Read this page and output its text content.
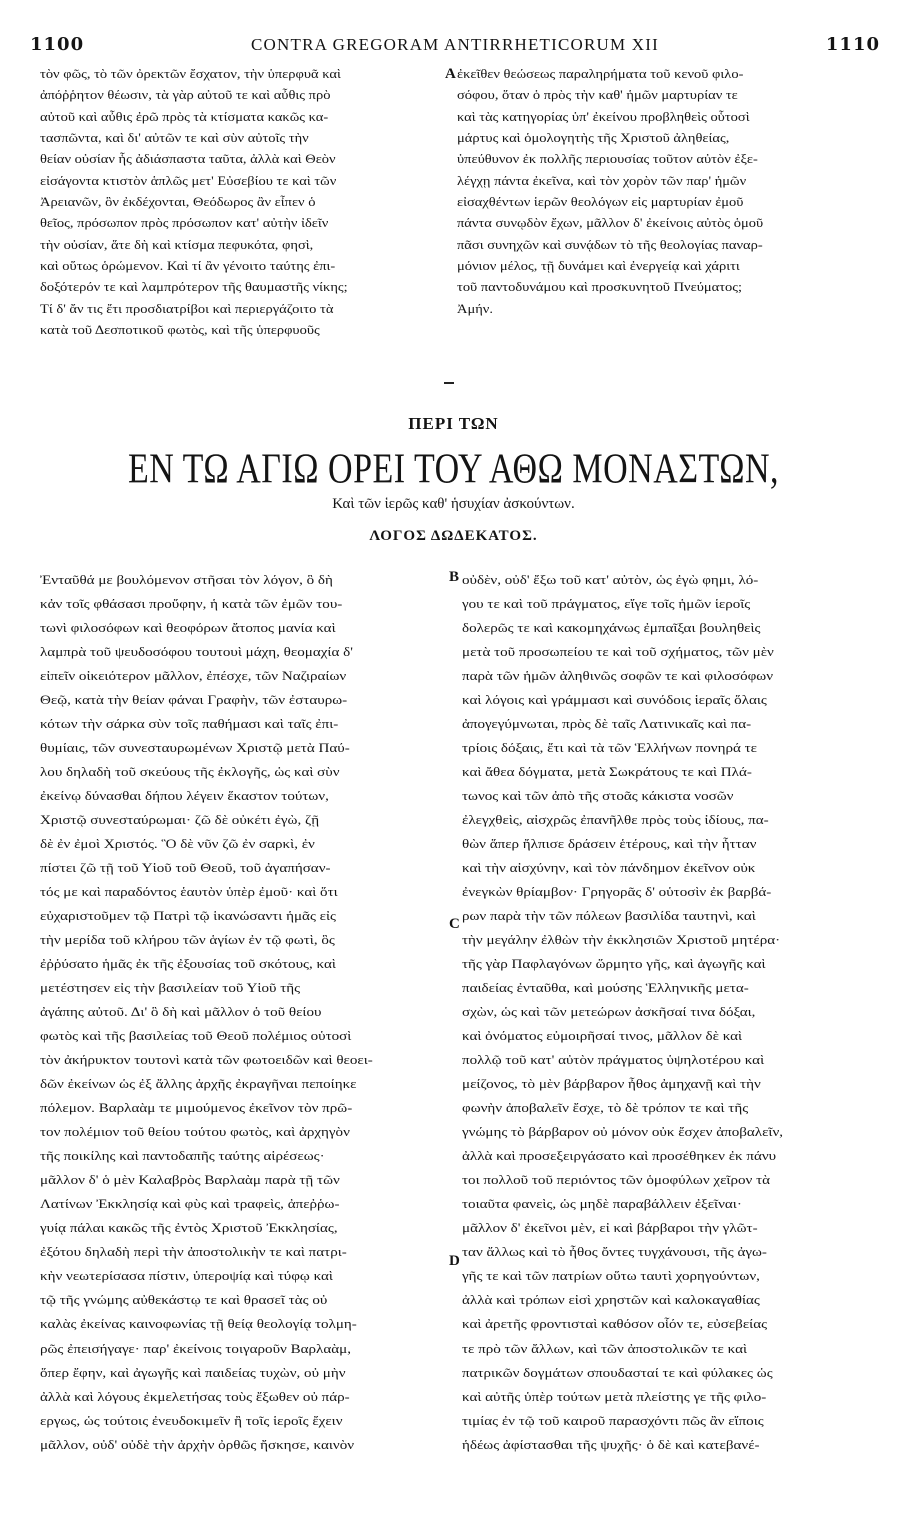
1100	CONTRA GREGORAM ANTIRRHETICORUM XII	1110
τὸν φῶς, τὸ τῶν ὀρεκτῶν ἔσχατον, τὴν ὑπερφυᾶ καὶ
ἀπόῤῥητον θέωσιν, τὰ γὰρ αὐτοῦ τε καὶ αὖθις πρὸ
αὐτοῦ καὶ αὖθις ἐρῶ πρὸς τὰ κτίσματα κακῶς κα-
τασπῶντα, καὶ δι' αὐτῶν τε καὶ σὺν αὐτοῖς τὴν
θείαν οὐσίαν ἧς ἀδιάσπαστα ταῦτα, ἀλλὰ καὶ Θεὸν
εἰσάγοντα κτιστὸν ἁπλῶς μετ' Εὐσεβίου τε καὶ τῶν
Ἀρειανῶν, ὃν ἐκδέχονται, Θεόδωρος ἂν εἶπεν ὁ
θεῖος, πρόσωπον πρὸς πρόσωπον κατ' αὐτὴν ἰδεῖν
τὴν οὐσίαν, ἅτε δὴ καὶ κτίσμα πεφυκότα, φησὶ,
καὶ οὕτως ὁρώμενον. Καὶ τί ἂν γένοιτο ταύτης ἐπι-
δοξότερόν τε καὶ λαμπρότερον τῆς θαυμαστῆς νίκης;
Τί δ' ἄν τις ἔτι προσδιατρίβοι καὶ περιεργάζοιτο τὰ
κατὰ τοῦ Δεσποτικοῦ φωτὸς, καὶ τῆς ὑπερφυοῦς
ἐκεῖθεν θεώσεως παραληρήματα τοῦ κενοῦ φιλο-
σόφου, ὅταν ὁ πρὸς τὴν καθ' ἡμῶν μαρτυρίαν τε
καὶ τὰς κατηγορίας ὑπ' ἐκείνου προβληθεὶς οὗτοσὶ
μάρτυς καὶ ὁμολογητὴς τῆς Χριστοῦ ἀληθείας,
ὑπεύθυνον ἐκ πολλῆς περιουσίας τοῦτον αὐτὸν ἐξε-
λέγχῃ πάντα ἐκεῖνα, καὶ τὸν χορὸν τῶν παρ' ἡμῶν
εἰσαχθέντων ἱερῶν θεολόγων εἰς μαρτυρίαν ἐμοῦ
πάντα συνῳδὸν ἔχων, μᾶλλον δ' ἐκείνοις αὐτὸς ὁμοῦ
πᾶσι συνηχῶν καὶ συνᾴδων τὸ τῆς θεολογίας παναρ-
μόνιον μέλος, τῇ δυνάμει καὶ ἐνεργείᾳ καὶ χάριτι
τοῦ παντοδυνάμου καὶ προσκυνητοῦ Πνεύματος;
Ἀμήν.
A
B
C
D
ΠΕΡΙ ΤΩΝ
ΕΝ ΤΩ ΑΓΙΩ ΟΡΕΙ ΤΟΥ ΑΘΩ ΜΟΝΑΣΤΩΝ,
Καὶ τῶν ἱερῶς καθ' ἡσυχίαν ἀσκούντων.
ΛΟΓΟΣ ΔΩΔΕΚΑΤΟΣ.
Ἐνταῦθά με βουλόμενον στῆσαι τὸν λόγον, ὃ δὴ
κἀν τοῖς φθάσασι προὔφην, ἡ κατὰ τῶν ἐμῶν του-
τωνὶ φιλοσόφων καὶ θεοφόρων ἄτοπος μανία καὶ
λαμπρὰ τοῦ ψευδοσόφου τουτουὶ μάχη, θεομαχία δ'
εἰπεῖν οἰκειότερον μᾶλλον, ἐπέσχε, τῶν Ναζιραίων
Θεῷ, κατὰ τὴν θείαν φάναι Γραφὴν, τῶν ἐσταυρω-
κότων τὴν σάρκα σὺν τοῖς παθήμασι καὶ ταῖς ἐπι-
θυμίαις, τῶν συνεσταυρωμένων Χριστῷ μετὰ Παύ-
λου δηλαδὴ τοῦ σκεύους τῆς ἐκλογῆς, ὡς καὶ σὺν
ἐκείνῳ δύνασθαι δήπου λέγειν ἕκαστον τούτων,
Χριστῷ συνεσταύρωμαι· ζῶ δὲ οὐκέτι ἐγὼ, ζῇ
δὲ ἐν ἐμοὶ Χριστός. Ὃ δὲ νῦν ζῶ ἐν σαρκὶ, ἐν
πίστει ζῶ τῇ τοῦ Υἱοῦ τοῦ Θεοῦ, τοῦ ἀγαπήσαν-
τός με καὶ παραδόντος ἑαυτὸν ὑπὲρ ἐμοῦ· καὶ ὅτι
εὐχαριστοῦμεν τῷ Πατρὶ τῷ ἱκανώσαντι ἡμᾶς εἰς
τὴν μερίδα τοῦ κλήρου τῶν ἁγίων ἐν τῷ φωτὶ, ὃς
ἐῤῥύσατο ἡμᾶς ἐκ τῆς ἐξουσίας τοῦ σκότους, καὶ
μετέστησεν εἰς τὴν βασιλείαν τοῦ Υἱοῦ τῆς
ἀγάπης αὐτοῦ. Δι' ὃ δὴ καὶ μᾶλλον ὁ τοῦ θείου
φωτὸς καὶ τῆς βασιλείας τοῦ Θεοῦ πολέμιος οὑτοσὶ
τὸν ἀκήρυκτον τουτονὶ κατὰ τῶν φωτοειδῶν καὶ θεοει-
δῶν ἐκείνων ὡς ἐξ ἄλλης ἀρχῆς ἐκραγῆναι πεποίηκε
πόλεμον. Βαρλαὰμ τε μιμούμενος ἐκεῖνον τὸν πρῶ-
τον πολέμιον τοῦ θείου τούτου φωτὸς, καὶ ἀρχηγὸν
τῆς ποικίλης καὶ παντοδαπῆς ταύτης αἱρέσεως·
μᾶλλον δ' ὁ μὲν Καλαβρὸς Βαρλαὰμ παρὰ τῇ τῶν
Λατίνων Ἐκκλησίᾳ καὶ φὺς καὶ τραφεὶς, ἀπεῤῥω-
γυίᾳ πάλαι κακῶς τῆς ἐντὸς Χριστοῦ Ἐκκλησίας,
ἐξότου δηλαδὴ περὶ τὴν ἀποστολικὴν τε καὶ πατρι-
κὴν νεωτερίσασα πίστιν, ὑπεροψίᾳ καὶ τύφῳ καὶ
τῷ τῆς γνώμης αὐθεκάστῳ τε καὶ θρασεῖ τὰς οὐ
καλὰς ἐκείνας καινοφωνίας τῇ θείᾳ θεολογίᾳ τολμη-
ρῶς ἐπεισήγαγε· παρ' ἐκείνοις τοιγαροῦν Βαρλαὰμ,
ὅπερ ἔφην, καὶ ἀγωγῆς καὶ παιδείας τυχὼν, οὐ μὴν
ἀλλὰ καὶ λόγους ἐκμελετήσας τοὺς ἔξωθεν οὐ πάρ-
εργως, ὡς τούτοις ἐνευδοκιμεῖν ἢ τοῖς ἱεροῖς ἔχειν
μᾶλλον, οὐδ' οὐδὲ τὴν ἀρχὴν ὀρθῶς ἤσκησε, καινὸν
οὐδὲν, οὐδ' ἔξω τοῦ κατ' αὐτὸν, ὡς ἐγὼ φημι, λό-
γου τε καὶ τοῦ πράγματος, εἴγε τοῖς ἡμῶν ἱεροῖς
δολερῶς τε καὶ κακομηχάνως ἐμπαῖξαι βουληθεὶς
μετὰ τοῦ προσωπείου τε καὶ τοῦ σχήματος, τῶν μὲν
παρὰ τῶν ἡμῶν ἀληθινῶς σοφῶν τε καὶ φιλοσόφων
καὶ λόγοις καὶ γράμμασι καὶ συνόδοις ἱεραῖς ὅλαις
ἀπογεγύμνωται, πρὸς δὲ ταῖς Λατινικαῖς καὶ πα-
τρίοις δόξαις, ἔτι καὶ τὰ τῶν Ἑλλήνων πονηρά τε
καὶ ἄθεα δόγματα, μετὰ Σωκράτους τε καὶ Πλά-
τωνος καὶ τῶν ἀπὸ τῆς στοᾶς κάκιστα νοσῶν
ἐλεγχθεὶς, αἰσχρῶς ἐπανῆλθε πρὸς τοὺς ἰδίους, πα-
θὼν ἅπερ ἤλπισε δράσειν ἑτέρους, καὶ τὴν ἧτταν
καὶ τὴν αἰσχύνην, καὶ τὸν πάνδημον ἐκεῖνον οὐκ
ἐνεγκὼν θρίαμβον· Γρηγορᾶς δ' οὑτοσὶν ἐκ βαρβά-
ρων παρὰ τὴν τῶν πόλεων βασιλίδα ταυτηνὶ, καὶ
τὴν μεγάλην ἐλθὼν τὴν ἐκκλησιῶν Χριστοῦ μητέρα·
τῆς γὰρ Παφλαγόνων ὥρμητο γῆς, καὶ ἀγωγῆς καὶ
παιδείας ἐνταῦθα, καὶ μούσης Ἑλληνικῆς μετα-
σχὼν, ὡς καὶ τῶν μετεώρων ἀσκῆσαί τινα δόξαι,
καὶ ὀνόματος εὐμοιρῆσαί τινος, μᾶλλον δὲ καὶ
πολλῷ τοῦ κατ' αὐτὸν πράγματος ὑψηλοτέρου καὶ
μείζονος, τὸ μὲν βάρβαρον ἦθος ἀμηχανῇ καὶ τὴν
φωνὴν ἀποβαλεῖν ἔσχε, τὸ δὲ τρόπον τε καὶ τῆς
γνώμης τὸ βάρβαρον οὐ μόνον οὐκ ἔσχεν ἀποβαλεῖν,
ἀλλὰ καὶ προσεξειργάσατο καὶ προσέθηκεν ἐκ πάνυ
τοι πολλοῦ τοῦ περιόντος τῶν ὁμοφύλων χεῖρον τὰ
τοιαῦτα φανεὶς, ὡς μηδὲ παραβάλλειν ἐξεῖναι·
μᾶλλον δ' ἐκεῖνοι μὲν, εἰ καὶ βάρβαροι τὴν γλῶτ-
ταν ἄλλως καὶ τὸ ἦθος ὄντες τυγχάνουσι, τῆς ἀγω-
γῆς τε καὶ τῶν πατρίων οὕτω ταυτὶ χορηγούντων,
ἀλλὰ καὶ τρόπων εἰσὶ χρηστῶν καὶ καλοκαγαθίας
καὶ ἀρετῆς φροντισταὶ καθόσον οἷόν τε, εὐσεβείας
τε πρὸ τῶν ἄλλων, καὶ τῶν ἀποστολικῶν τε καὶ
πατρικῶν δογμάτων σπουδασταί τε καὶ φύλακες ὡς
καὶ αὐτῆς ὑπὲρ τούτων μετὰ πλείστης γε τῆς φιλο-
τιμίας ἐν τῷ τοῦ καιροῦ παρασχόντι πῶς ἂν εἴποις
ἡδέως ἀφίστασθαι τῆς ψυχῆς· ὁ δὲ καὶ κατεβανέ-
